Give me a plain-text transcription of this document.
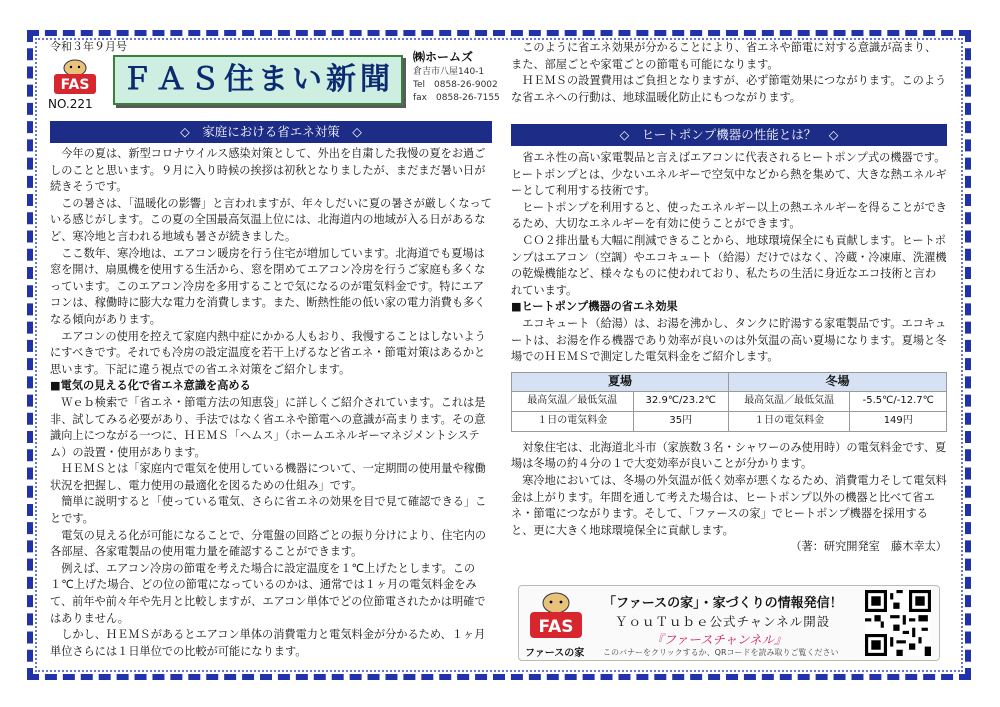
令和３年９月号
FAS
NO.221
ＦＡＳ住まい新聞
㈱ホームズ
倉吉市八屋140-1
Tel　0858-26-9002
fax　0858-26-7155
◇　家庭における省エネ対策　◇

今年の夏は、新型コロナウイルス感染対策として、外出を自粛した我慢の夏をお過ごしのことと思います。９月に入り時候の挨拶は初秋となりましたが、まだまだ暑い日が続きそうです。

この暑さは、「温暖化の影響」と言われますが、年々しだいに夏の暑さが厳しくなっている感じがします。この夏の全国最高気温上位には、北海道内の地域が入る日があるなど、寒冷地と言われる地域も暑さが続きました。

ここ数年、寒冷地は、エアコン暖房を行う住宅が増加しています。北海道でも夏場は窓を開け、扇風機を使用する生活から、窓を閉めてエアコン冷房を行うご家庭も多くなっています。このエアコン冷房を多用することで気になるのが電気料金です。特にエアコンは、稼働時に膨大な電力を消費します。また、断熱性能の低い家の電力消費も多くなる傾向があります。

エアコンの使用を控えて家庭内熱中症にかかる人もおり、我慢することはしないようにすべきです。それでも冷房の設定温度を若干上げるなど省エネ・節電対策はあるかと思います。下記に違う視点での省エネ対策をご紹介します。

■電気の見える化で省エネ意識を高める

Ｗｅｂ検索で「省エネ・節電方法の知恵袋」に詳しくご紹介されています。これは是非、試してみる必要があり、手法ではなく省エネや節電への意識が高まります。その意識向上につながる一つに、ＨＥＭＳ「ヘムス」（ホームエネルギーマネジメントシステム）の設置・使用があります。

ＨＥＭＳとは「家庭内で電気を使用している機器について、一定期間の使用量や稼働状況を把握し、電力使用の最適化を図るための仕組み」です。

簡単に説明すると「使っている電気、さらに省エネの効果を目で見て確認できる」ことです。

電気の見える化が可能になることで、分電盤の回路ごとの振り分けにより、住宅内の各部屋、各家電製品の使用電力量を確認することができます。

例えば、エアコン冷房の節電を考えた場合に設定温度を１℃上げたとします。この１℃上げた場合、どの位の節電になっているのかは、通常では１ヶ月の電気料金をみて、前年や前々年や先月と比較しますが、エアコン単体でどの位節電されたかは明確ではありません。

しかし、ＨＥＭＳがあるとエアコン単体の消費電力と電気料金が分かるため、１ヶ月単位さらには１日単位での比較が可能になります。

このように省エネ効果が分かることにより、省エネや節電に対する意識が高まり、また、部屋ごとや家電ごとの節電も可能になります。

ＨＥＭＳの設置費用はご負担となりますが、必ず節電効果につながります。このような省エネへの行動は、地球温暖化防止にもつながります。

◇　ヒートポンプ機器の性能とは？　◇

省エネ性の高い家電製品と言えばエアコンに代表されるヒートポンプ式の機器です。ヒートポンプとは、少ないエネルギーで空気中などから熱を集めて、大きな熱エネルギーとして利用する技術です。

ヒートポンプを利用すると、使ったエネルギー以上の熱エネルギーを得ることができるため、大切なエネルギーを有効に使うことができます。

ＣＯ２排出量も大幅に削減できることから、地球環境保全にも貢献します。ヒートポンプはエアコン（空調）やエコキュート（給湯）だけではなく、冷蔵・冷凍庫、洗濯機の乾燥機能など、様々なものに使われており、私たちの生活に身近なエコ技術と言われています。

■ヒートポンプ機器の省エネ効果

エコキュート（給湯）は、お湯を沸かし、タンクに貯湯する家電製品です。エコキュートは、お湯を作る機器であり効率が良いのは外気温の高い夏場になります。夏場と冬場でのＨＥＭＳで測定した電気料金をご紹介します。

夏場		冬場	
最高気温／最低気温	32.9℃/23.2℃	最高気温／最低気温	-5.5℃/-12.7℃
１日の電気料金	35円	１日の電気料金	149円

対象住宅は、北海道北斗市（家族数３名・シャワーのみ使用時）の電気料金です、夏場は冬場の約４分の１で大変効率が良いことが分かります。

寒冷地においては、冬場の外気温が低く効率が悪くなるため、消費電力そして電気料金は上がります。年間を通して考えた場合は、ヒートポンプ以外の機器と比べて省エネ・節電につながります。そして、「ファースの家」でヒートポンプ機器を採用すると、更に大きく地球環境保全に貢献します。

（著：研究開発室　藤木幸太）

FAS
ファースの家
「ファースの家」・家づくりの情報発信！
ＹｏｕＴｕｂｅ公式チャンネル開設
『ファースチャンネル』
このバナーをクリックするか、QRコードを読み取りご覧ください
